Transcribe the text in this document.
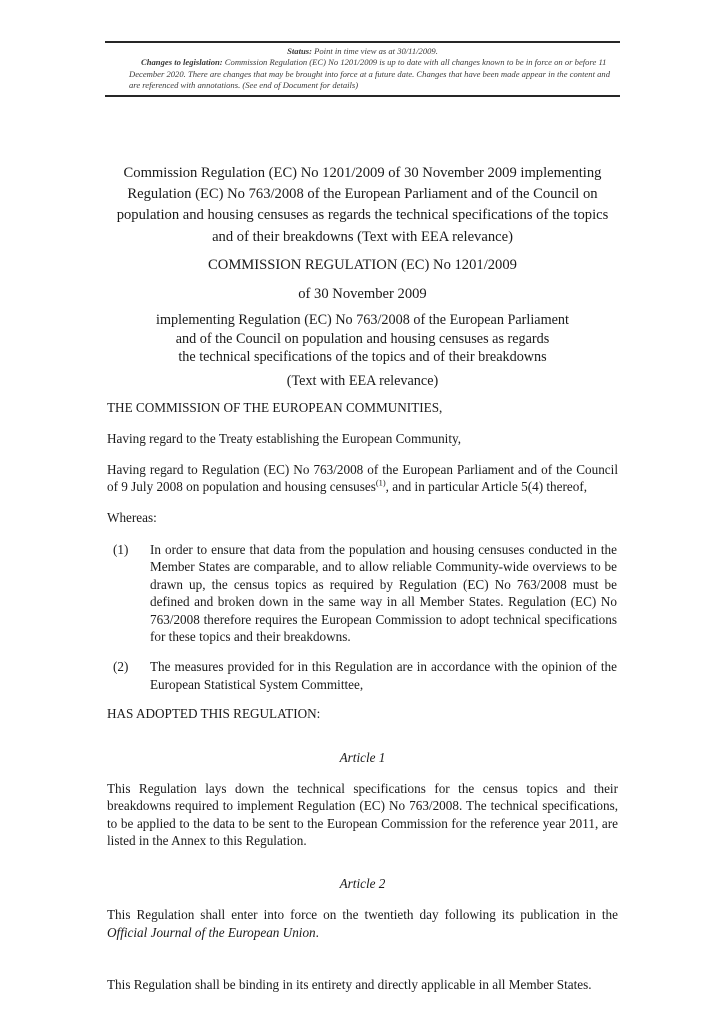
Status: Point in time view as at 30/11/2009.

Changes to legislation: Commission Regulation (EC) No 1201/2009 is up to date with all changes known to be in force on or before 11 December 2020. There are changes that may be brought into force at a future date. Changes that have been made appear in the content and are referenced with annotations. (See end of Document for details)

Commission Regulation (EC) No 1201/2009 of 30 November 2009 implementing Regulation (EC) No 763/2008 of the European Parliament and of the Council on population and housing censuses as regards the technical specifications of the topics and of their breakdowns (Text with EEA relevance)
COMMISSION REGULATION (EC) No 1201/2009
of 30 November 2009
implementing Regulation (EC) No 763/2008 of the European Parliament
and of the Council on population and housing censuses as regards
the technical specifications of the topics and of their breakdowns
(Text with EEA relevance)

THE COMMISSION OF THE EUROPEAN COMMUNITIES,

Having regard to the Treaty establishing the European Community,

Having regard to Regulation (EC) No 763/2008 of the European Parliament and of the Council of 9 July 2008 on population and housing censuses$^{(1)}$, and in particular Article 5(4) thereof,

Whereas:

(1)	In order to ensure that data from the population and housing censuses conducted in the Member States are comparable, and to allow reliable Community-wide overviews to be drawn up, the census topics as required by Regulation (EC) No 763/2008 must be defined and broken down in the same way in all Member States. Regulation (EC) No 763/2008 therefore requires the European Commission to adopt technical specifications for these topics and their breakdowns.
(2)	The measures provided for in this Regulation are in accordance with the opinion of the European Statistical System Committee,

HAS ADOPTED THIS REGULATION:

Article 1

This Regulation lays down the technical specifications for the census topics and their breakdowns required to implement Regulation (EC) No 763/2008. The technical specifications, to be applied to the data to be sent to the European Commission for the reference year 2011, are listed in the Annex to this Regulation.

Article 2

This Regulation shall enter into force on the twentieth day following its publication in the Official Journal of the European Union.

This Regulation shall be binding in its entirety and directly applicable in all Member States.
